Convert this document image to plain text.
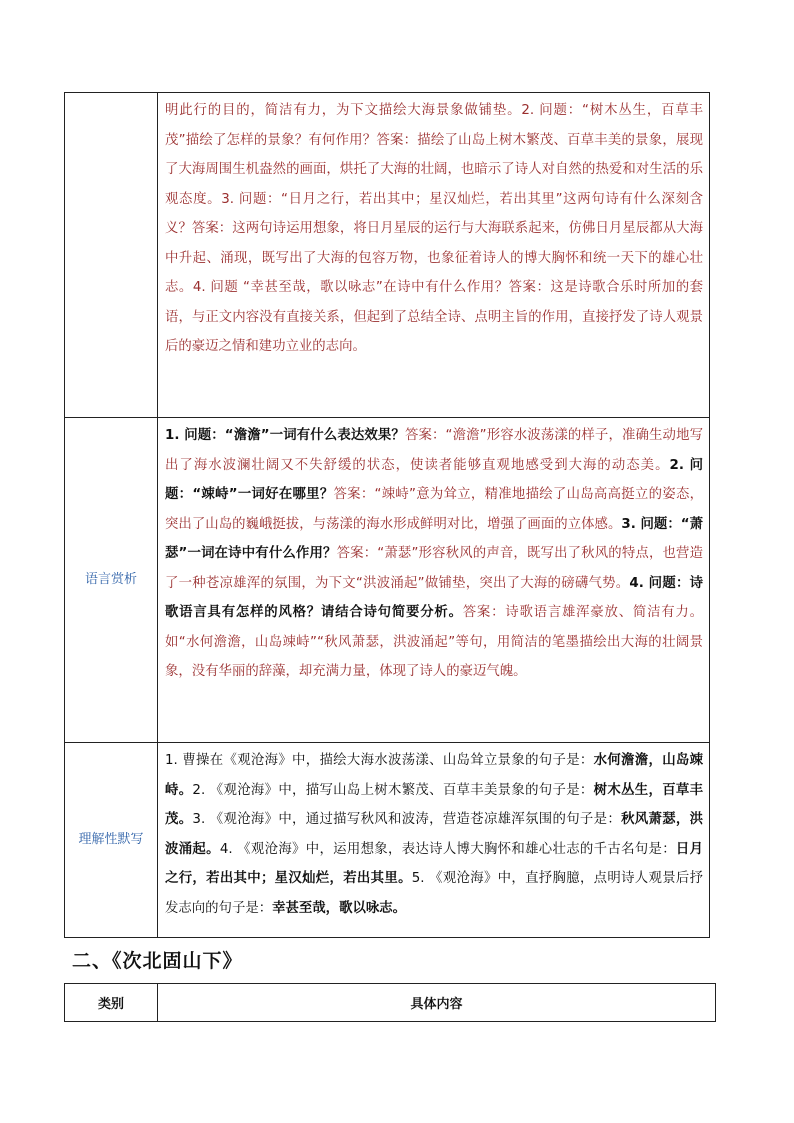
	明此行的目的，简洁有力，为下文描绘大海景象做铺垫。2. 问题：“树木丛生，百草丰茂”描绘了怎样的景象？有何作用？答案：描绘了山岛上树木繁茂、百草丰美的景象，展现了大海周围生机盎然的画面，烘托了大海的壮阔，也暗示了诗人对自然的热爱和对生活的乐观态度。3. 问题：“日月之行，若出其中；星汉灿烂，若出其里”这两句诗有什么深刻含义？答案：这两句诗运用想象，将日月星辰的运行与大海联系起来，仿佛日月星辰都从大海中升起、涌现，既写出了大海的包容万物，也象征着诗人的博大胸怀和统一天下的雄心壮志。4. 问题 “幸甚至哉，歌以咏志”在诗中有什么作用？答案：这是诗歌合乐时所加的套语，与正文内容没有直接关系，但起到了总结全诗、点明主旨的作用，直接抒发了诗人观景后的豪迈之情和建功立业的志向。

语言赏析	1. 问题：“澹澹”一词有什么表达效果？答案：“澹澹”形容水波荡漾的样子，准确生动地写出了海水波澜壮阔又不失舒缓的状态，使读者能够直观地感受到大海的动态美。2. 问题：“竦峙”一词好在哪里？答案：“竦峙”意为耸立，精准地描绘了山岛高高挺立的姿态，突出了山岛的巍峨挺拔，与荡漾的海水形成鲜明对比，增强了画面的立体感。3. 问题：“萧瑟”一词在诗中有什么作用？答案：“萧瑟”形容秋风的声音，既写出了秋风的特点，也营造了一种苍凉雄浑的氛围，为下文“洪波涌起”做铺垫，突出了大海的磅礴气势。4. 问题：诗歌语言具有怎样的风格？请结合诗句简要分析。答案：诗歌语言雄浑豪放、简洁有力。如“水何澹澹，山岛竦峙”“秋风萧瑟，洪波涌起”等句，用简洁的笔墨描绘出大海的壮阔景象，没有华丽的辞藻，却充满力量，体现了诗人的豪迈气魄。

理解性默写	1. 曹操在《观沧海》中，描绘大海水波荡漾、山岛耸立景象的句子是：水何澹澹，山岛竦峙。2. 《观沧海》中，描写山岛上树木繁茂、百草丰美景象的句子是：树木丛生，百草丰茂。3. 《观沧海》中，通过描写秋风和波涛，营造苍凉雄浑氛围的句子是：秋风萧瑟，洪波涌起。4. 《观沧海》中，运用想象，表达诗人博大胸怀和雄心壮志的千古名句是：日月之行，若出其中；星汉灿烂，若出其里。5. 《观沧海》中，直抒胸臆，点明诗人观景后抒发志向的句子是：幸甚至哉，歌以咏志。
二、《次北固山下》
类别	具体内容
